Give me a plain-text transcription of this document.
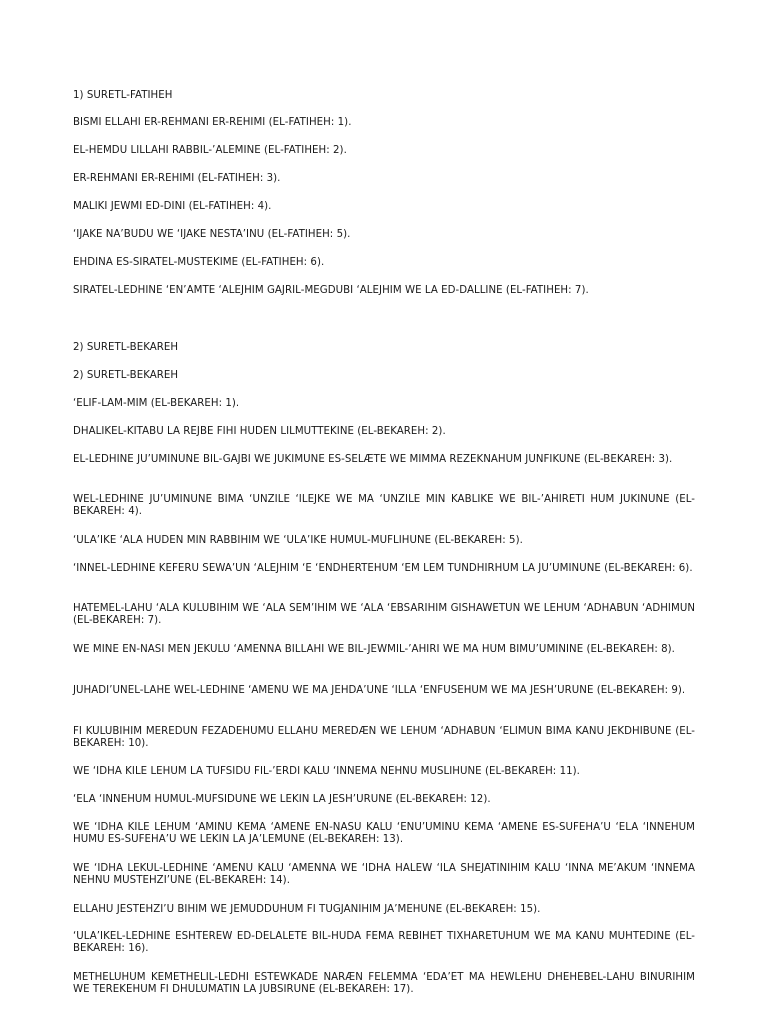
1) SURETL-FATIHEH

BISMI ELLAHI ER-REHMANI ER-REHIMI (EL-FATIHEH: 1).

EL-HEMDU LILLAHI RABBIL-’ALEMINE (EL-FATIHEH: 2).

ER-REHMANI ER-REHIMI (EL-FATIHEH: 3).

MALIKI JEWMI ED-DINI (EL-FATIHEH: 4).

‘IJAKE NA’BUDU WE ‘IJAKE NESTA’INU (EL-FATIHEH: 5).

EHDINA ES-SIRATEL-MUSTEKIME (EL-FATIHEH: 6).

SIRATEL-LEDHINE ‘EN’AMTE ‘ALEJHIM GAJRIL-MEGDUBI ‘ALEJHIM WE LA ED-DALLINE (EL-FATIHEH: 7).

2) SURETL-BEKAREH

2) SURETL-BEKAREH

‘ELIF-LAM-MIM (EL-BEKAREH: 1).

DHALIKEL-KITABU LA REJBE FIHI HUDEN LILMUTTEKINE (EL-BEKAREH: 2).

EL-LEDHINE JU’UMINUNE BIL-GAJBI WE JUKIMUNE ES-SELÆTE WE MIMMA REZEKNAHUM JUNFIKUNE (EL-BEKAREH: 3).

WEL-LEDHINE JU’UMINUNE BIMA ‘UNZILE ‘ILEJKE WE MA ‘UNZILE MIN KABLIKE WE BIL-’AHIRETI HUM JUKINUNE (EL-BEKAREH: 4).

‘ULA’IKE ‘ALA HUDEN MIN RABBIHIM WE ‘ULA’IKE HUMUL-MUFLIHUNE (EL-BEKAREH: 5).

‘INNEL-LEDHINE KEFERU SEWA’UN ‘ALEJHIM ‘E ‘ENDHERTEHUM ‘EM LEM TUNDHIRHUM LA JU’UMINUNE (EL-BEKAREH: 6).

HATEMEL-LAHU ‘ALA KULUBIHIM WE ‘ALA SEM’IHIM WE ‘ALA ‘EBSARIHIM GISHAWETUN WE LEHUM ‘ADHABUN ‘ADHIMUN (EL-BEKAREH: 7).

WE MINE EN-NASI MEN JEKULU ‘AMENNA BILLAHI WE BIL-JEWMIL-’AHIRI WE MA HUM BIMU’UMININE (EL-BEKAREH: 8).

JUHADI’UNEL-LAHE WEL-LEDHINE ‘AMENU WE MA JEHDA’UNE ‘ILLA ‘ENFUSEHUM WE MA JESH’URUNE (EL-BEKAREH: 9).

FI KULUBIHIM MEREDUN FEZADEHUMU ELLAHU MEREDÆN WE LEHUM ‘ADHABUN ‘ELIMUN BIMA KANU JEKDHIBUNE (EL-BEKAREH: 10).

WE ‘IDHA KILE LEHUM LA TUFSIDU FIL-’ERDI KALU ‘INNEMA NEHNU MUSLIHUNE (EL-BEKAREH: 11).

‘ELA ‘INNEHUM HUMUL-MUFSIDUNE WE LEKIN LA JESH’URUNE (EL-BEKAREH: 12).

WE ‘IDHA KILE LEHUM ‘AMINU KEMA ‘AMENE EN-NASU KALU ‘ENU’UMINU KEMA ‘AMENE ES-SUFEHA’U ‘ELA ‘INNEHUM HUMU ES-SUFEHA’U WE LEKIN LA JA’LEMUNE (EL-BEKAREH: 13).

WE ‘IDHA LEKUL-LEDHINE ‘AMENU KALU ‘AMENNA WE ‘IDHA HALEW ‘ILA SHEJATINIHIM KALU ‘INNA ME’AKUM ‘INNEMA NEHNU MUSTEHZI’UNE (EL-BEKAREH: 14).

ELLAHU JESTEHZI’U BIHIM WE JEMUDDUHUM FI TUGJANIHIM JA’MEHUNE (EL-BEKAREH: 15).

‘ULA’IKEL-LEDHINE ESHTEREW ED-DELALETE BIL-HUDA FEMA REBIHET TIXHARETUHUM WE MA KANU MUHTEDINE (EL-BEKAREH: 16).

METHELUHUM KEMETHELIL-LEDHI ESTEWKADE NARÆN FELEMMA ‘EDA’ET MA HEWLEHU DHEHEBEL-LAHU BINURIHIM WE TEREKEHUM FI DHULUMATIN LA JUBSIRUNE (EL-BEKAREH: 17).
